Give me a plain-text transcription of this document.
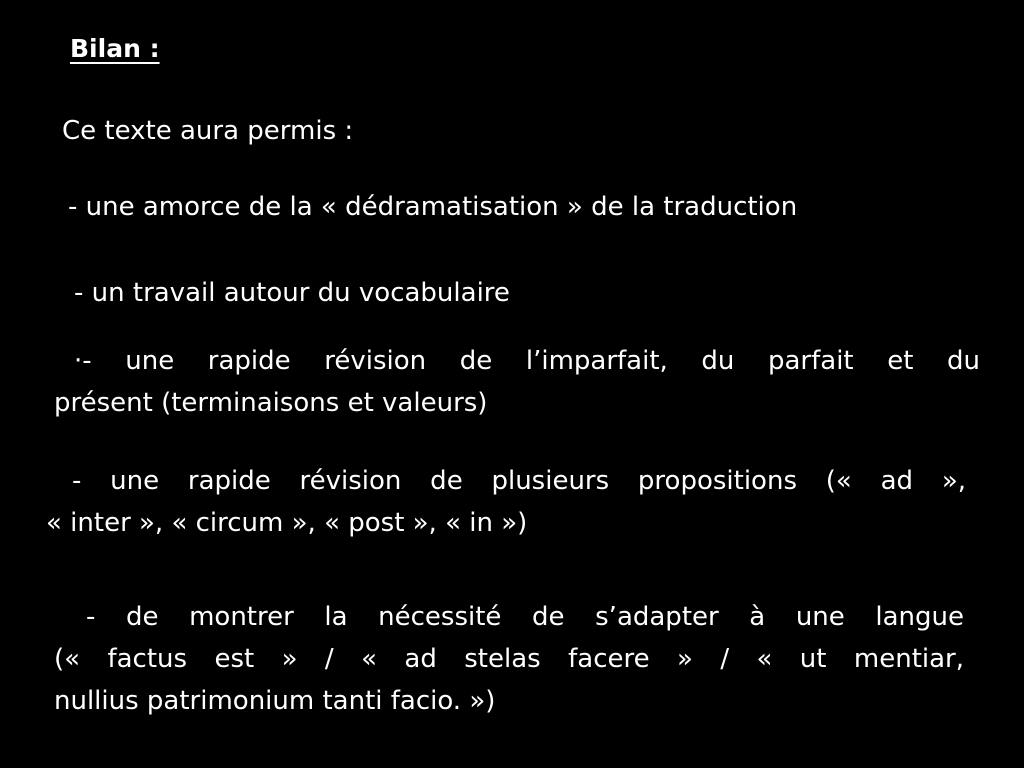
Bilan :
Ce texte aura permis :
- une amorce de la « dédramatisation » de la traduction
- un travail autour du vocabulaire
·- une rapide révision de l’imparfait, du parfait et du
présent (terminaisons et valeurs)
- une rapide révision de plusieurs propositions (« ad »,
« inter », « circum », « post », « in »)
- de montrer la nécessité de s’adapter à une langue
(« factus est » / « ad stelas facere » / « ut mentiar,
nullius patrimonium tanti facio. »)
